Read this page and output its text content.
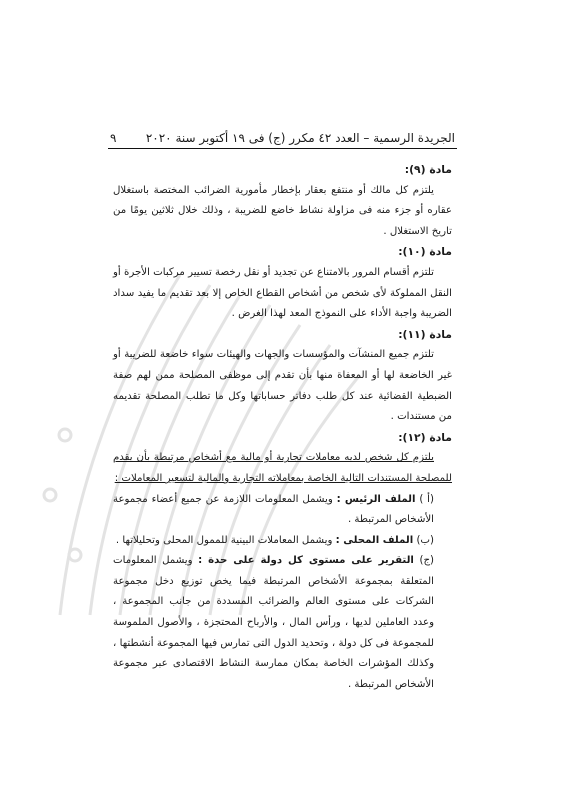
الجريدة الرسمية – العدد ٤٢ مكرر (ج) فى ١٩ أكتوبر سنة ٢٠٢٠
٩
مادة (٩):
يلتزم كل مالك أو منتفع بعقار بإخطار مأمورية الضرائب المختصة باستغلال عقاره أو جزء منه فى مزاولة نشاط خاضع للضريبة ، وذلك خلال ثلاثين يومًا من تاريخ الاستغلال .
مادة (١٠):
تلتزم أقسام المرور بالامتناع عن تجديد أو نقل رخصة تسيير مركبات الأجرة أو النقل المملوكة لأى شخص من أشخاص القطاع الخاص إلا بعد تقديم ما يفيد سداد الضريبة واجبة الأداء على النموذج المعد لهذا الغرض .
مادة (١١):
تلتزم جميع المنشآت والمؤسسات والجهات والهيئات سواء خاضعة للضريبة أو غير الخاضعة لها أو المعفاة منها بأن تقدم إلى موظفى المصلحة ممن لهم صفة الضبطية القضائية عند كل طلب دفاتر حساباتها وكل ما تطلب المصلحة تقديمه من مستندات .
مادة (١٢):
يلتزم كل شخص لديه معاملات تجارية أو مالية مع أشخاص مرتبطة بأن يقدم للمصلحة المستندات التالية الخاصة بمعاملاته التجارية والمالية لتسعير المعاملات :
(أ ) الملف الرئيس : ويشمل المعلومات اللازمة عن جميع أعضاء مجموعة الأشخاص المرتبطة .
(ب) الملف المحلى : ويشمل المعاملات البينية للممول المحلى وتحليلاتها .
(ج) التقرير على مستوى كل دولة على حدة : ويشمل المعلومات المتعلقة بمجموعة الأشخاص المرتبطة فيما يخص توزيع دخل مجموعة الشركات على مستوى العالم والضرائب المسددة من جانب المجموعة ، وعدد العاملين لديها ، ورأس المال ، والأرباح المحتجزة ، والأصول الملموسة للمجموعة فى كل دولة ، وتحديد الدول التى تمارس فيها المجموعة أنشطتها ، وكذلك المؤشرات الخاصة بمكان ممارسة النشاط الاقتصادى عبر مجموعة الأشخاص المرتبطة .
